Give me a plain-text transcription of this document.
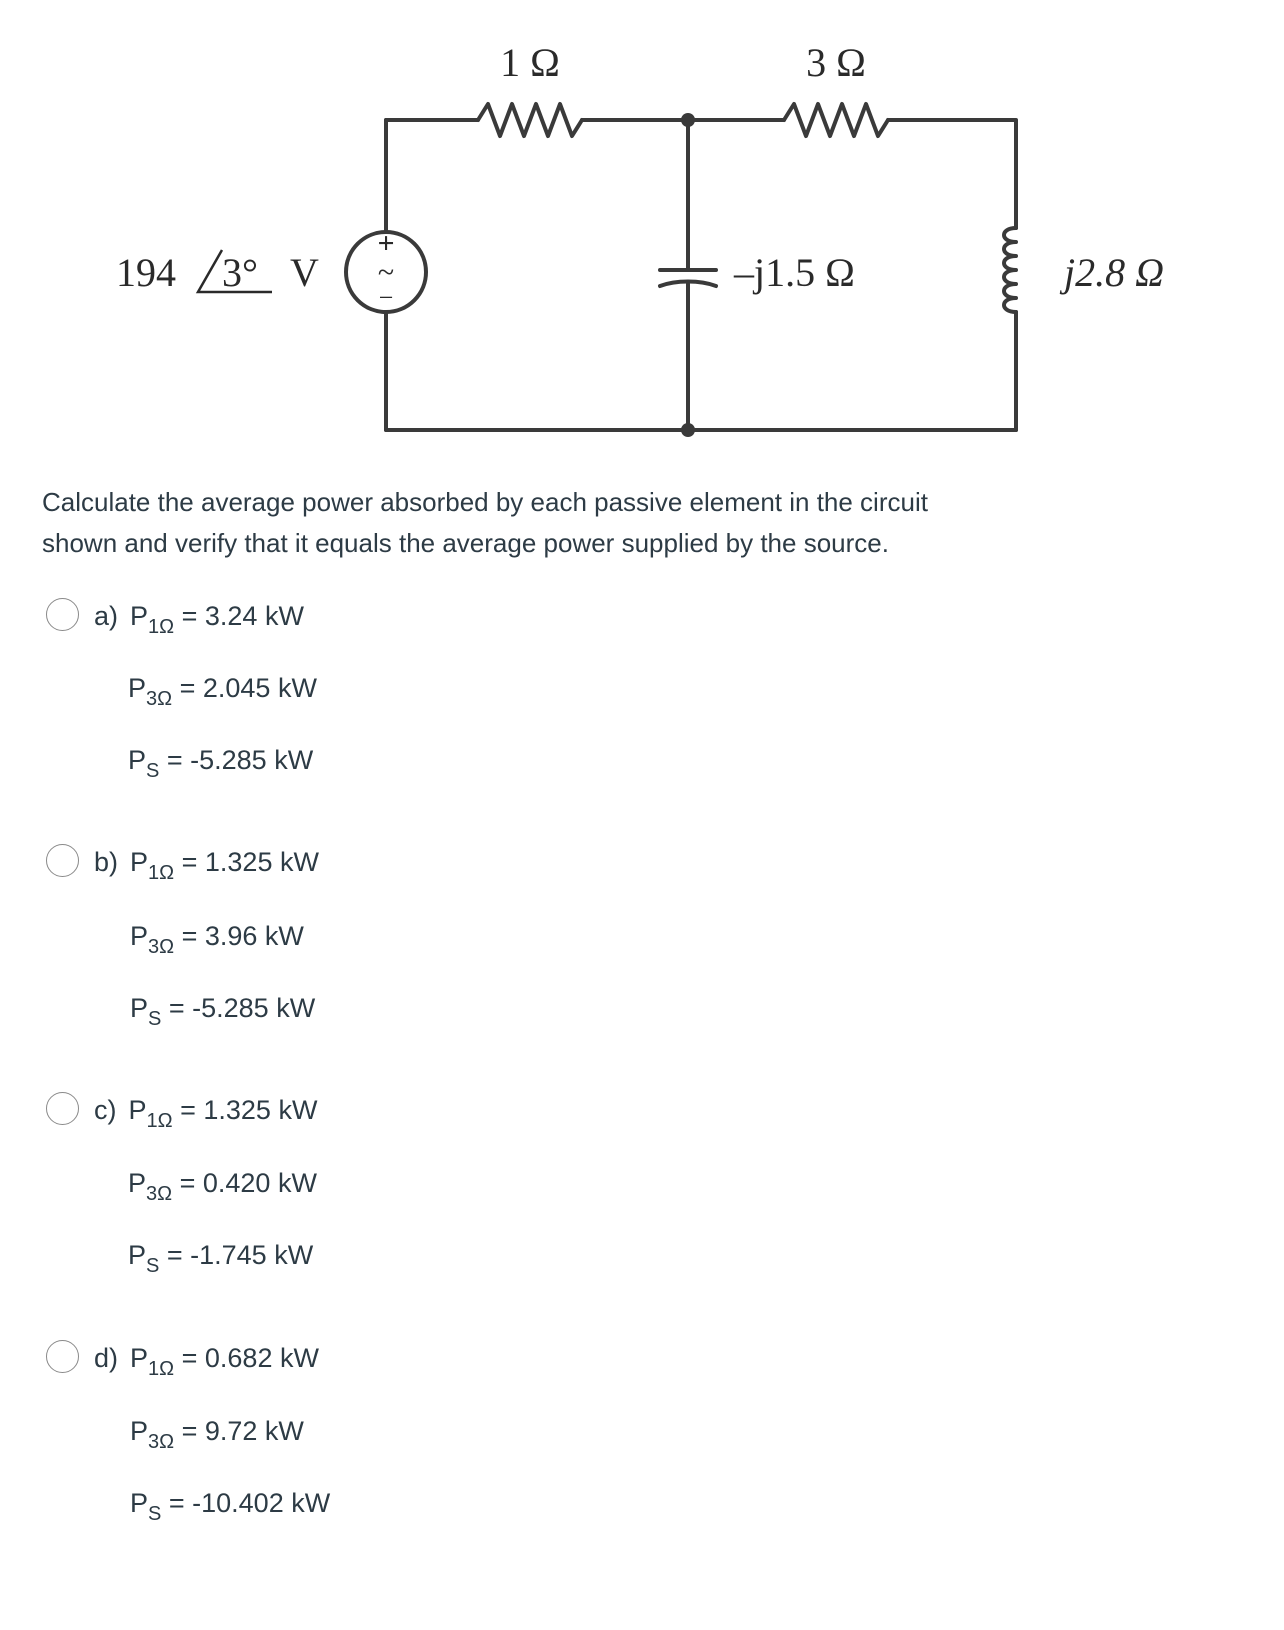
+
~
−
194 3° V
1 Ω	3 Ω
–j1.5 Ω	j2.8 Ω
Calculate the average power absorbed by each passive element in the circuit
shown and verify that it equals the average power supplied by the source.
a) $P_{1\Omega} = 3.24$ kW
$P_{3\Omega} = 2.045$ kW
$P_S = -5.285$ kW
b) $P_{1\Omega} = 1.325$ kW
$P_{3\Omega} = 3.96$ kW
$P_S = -5.285$ kW
c) $P_{1\Omega} = 1.325$ kW
$P_{3\Omega} = 0.420$ kW
$P_S = -1.745$ kW
d) $P_{1\Omega} = 0.682$ kW
$P_{3\Omega} = 9.72$ kW
$P_S = -10.402$ kW
